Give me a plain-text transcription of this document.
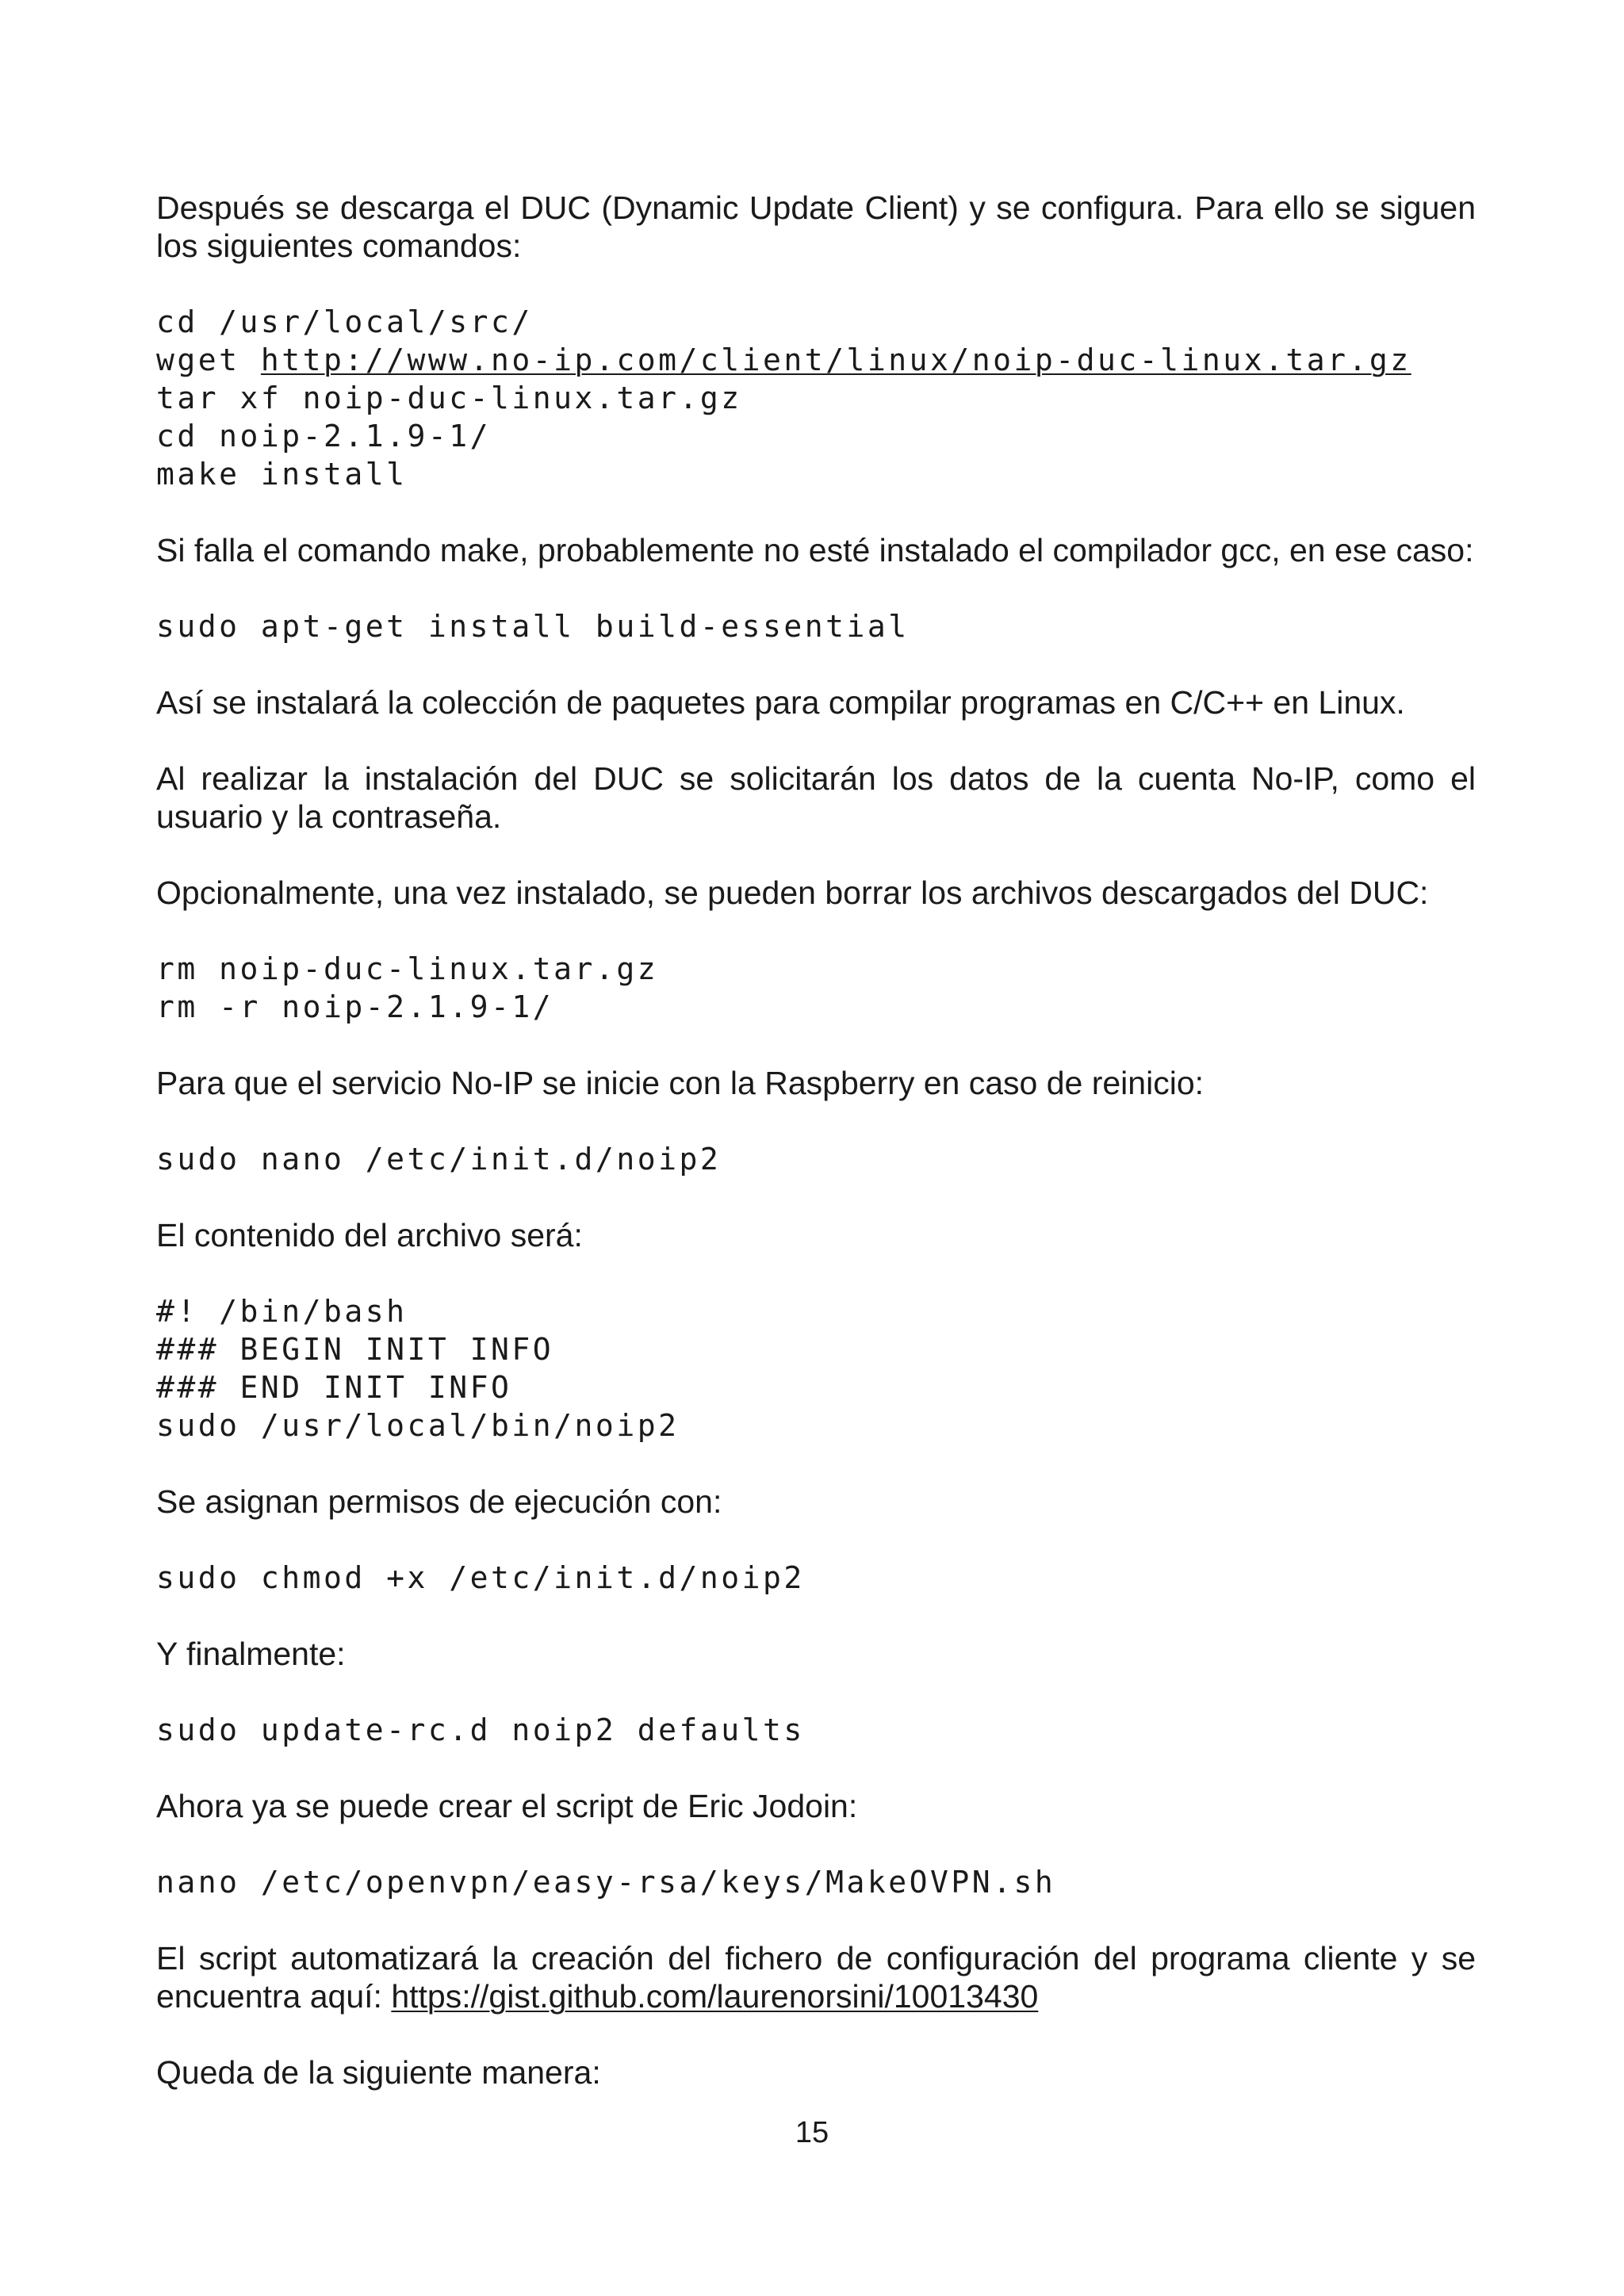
Después se descarga el DUC (Dynamic Update Client) y se configura. Para ello se siguen los siguientes comandos:

cd /usr/local/src/
wget http://www.no-ip.com/client/linux/noip-duc-linux.tar.gz
tar xf noip-duc-linux.tar.gz
cd noip-2.1.9-1/
make install

Si falla el comando make, probablemente no esté instalado el compilador gcc, en ese caso:

sudo apt-get install build-essential

Así se instalará la colección de paquetes para compilar programas en C/C++ en Linux.

Al realizar la instalación del DUC se solicitarán los datos de la cuenta No-IP, como el usuario y la contraseña.

Opcionalmente, una vez instalado, se pueden borrar los archivos descargados del DUC:

rm noip-duc-linux.tar.gz
rm -r noip-2.1.9-1/

Para que el servicio No-IP se inicie con la Raspberry en caso de reinicio:

sudo nano /etc/init.d/noip2

El contenido del archivo será:

#! /bin/bash
### BEGIN INIT INFO
### END INIT INFO
sudo /usr/local/bin/noip2

Se asignan permisos de ejecución con:

sudo chmod +x /etc/init.d/noip2

Y finalmente:

sudo update-rc.d noip2 defaults

Ahora ya se puede crear el script de Eric Jodoin:

nano /etc/openvpn/easy-rsa/keys/MakeOVPN.sh

El script automatizará la creación del fichero de configuración del programa cliente y se encuentra aquí: https://gist.github.com/laurenorsini/10013430

Queda de la siguiente manera:

15
